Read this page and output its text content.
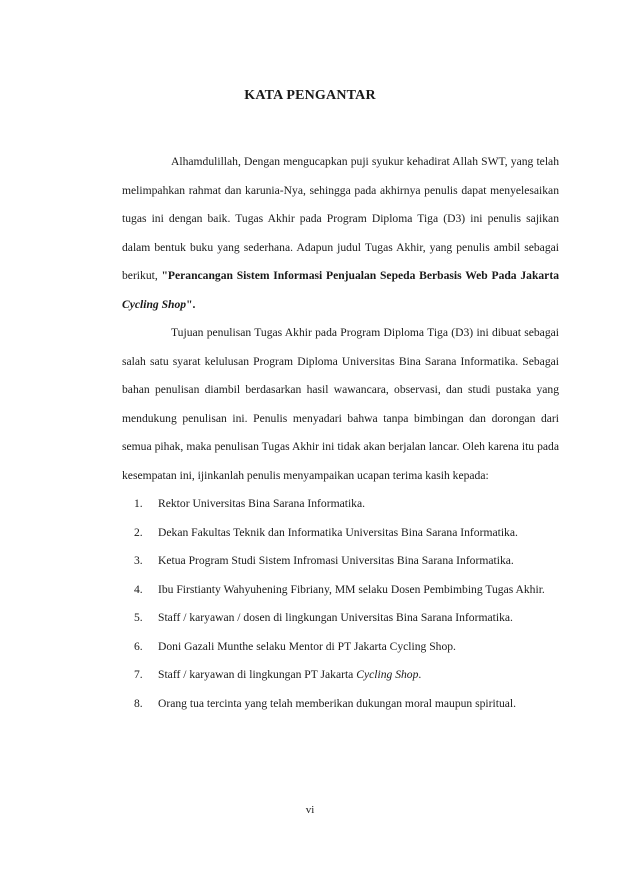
KATA PENGANTAR

Alhamdulillah, Dengan mengucapkan puji syukur kehadirat Allah SWT, yang telah melimpahkan rahmat dan karunia-Nya, sehingga pada akhirnya penulis dapat menyelesaikan tugas ini dengan baik. Tugas Akhir pada Program Diploma Tiga (D3) ini penulis sajikan dalam bentuk buku yang sederhana. Adapun judul Tugas Akhir, yang penulis ambil sebagai berikut, "Perancangan Sistem Informasi Penjualan Sepeda Berbasis Web Pada Jakarta Cycling Shop".

Tujuan penulisan Tugas Akhir pada Program Diploma Tiga (D3) ini dibuat sebagai salah satu syarat kelulusan Program Diploma Universitas Bina Sarana Informatika. Sebagai bahan penulisan diambil berdasarkan hasil wawancara, observasi, dan studi pustaka yang mendukung penulisan ini. Penulis menyadari bahwa tanpa bimbingan dan dorongan dari semua pihak, maka penulisan Tugas Akhir ini tidak akan berjalan lancar. Oleh karena itu pada kesempatan ini, ijinkanlah penulis menyampaikan ucapan terima kasih kepada:

1. Rektor Universitas Bina Sarana Informatika.
2. Dekan Fakultas Teknik dan Informatika Universitas Bina Sarana Informatika.
3. Ketua Program Studi Sistem Infromasi Universitas Bina Sarana Informatika.
4. Ibu Firstianty Wahyuhening Fibriany, MM selaku Dosen Pembimbing Tugas Akhir.
5. Staff / karyawan / dosen di lingkungan Universitas Bina Sarana Informatika.
6. Doni Gazali Munthe selaku Mentor di PT Jakarta Cycling Shop.
7. Staff / karyawan di lingkungan PT Jakarta Cycling Shop.
8. Orang tua tercinta yang telah memberikan dukungan moral maupun spiritual.

vi
